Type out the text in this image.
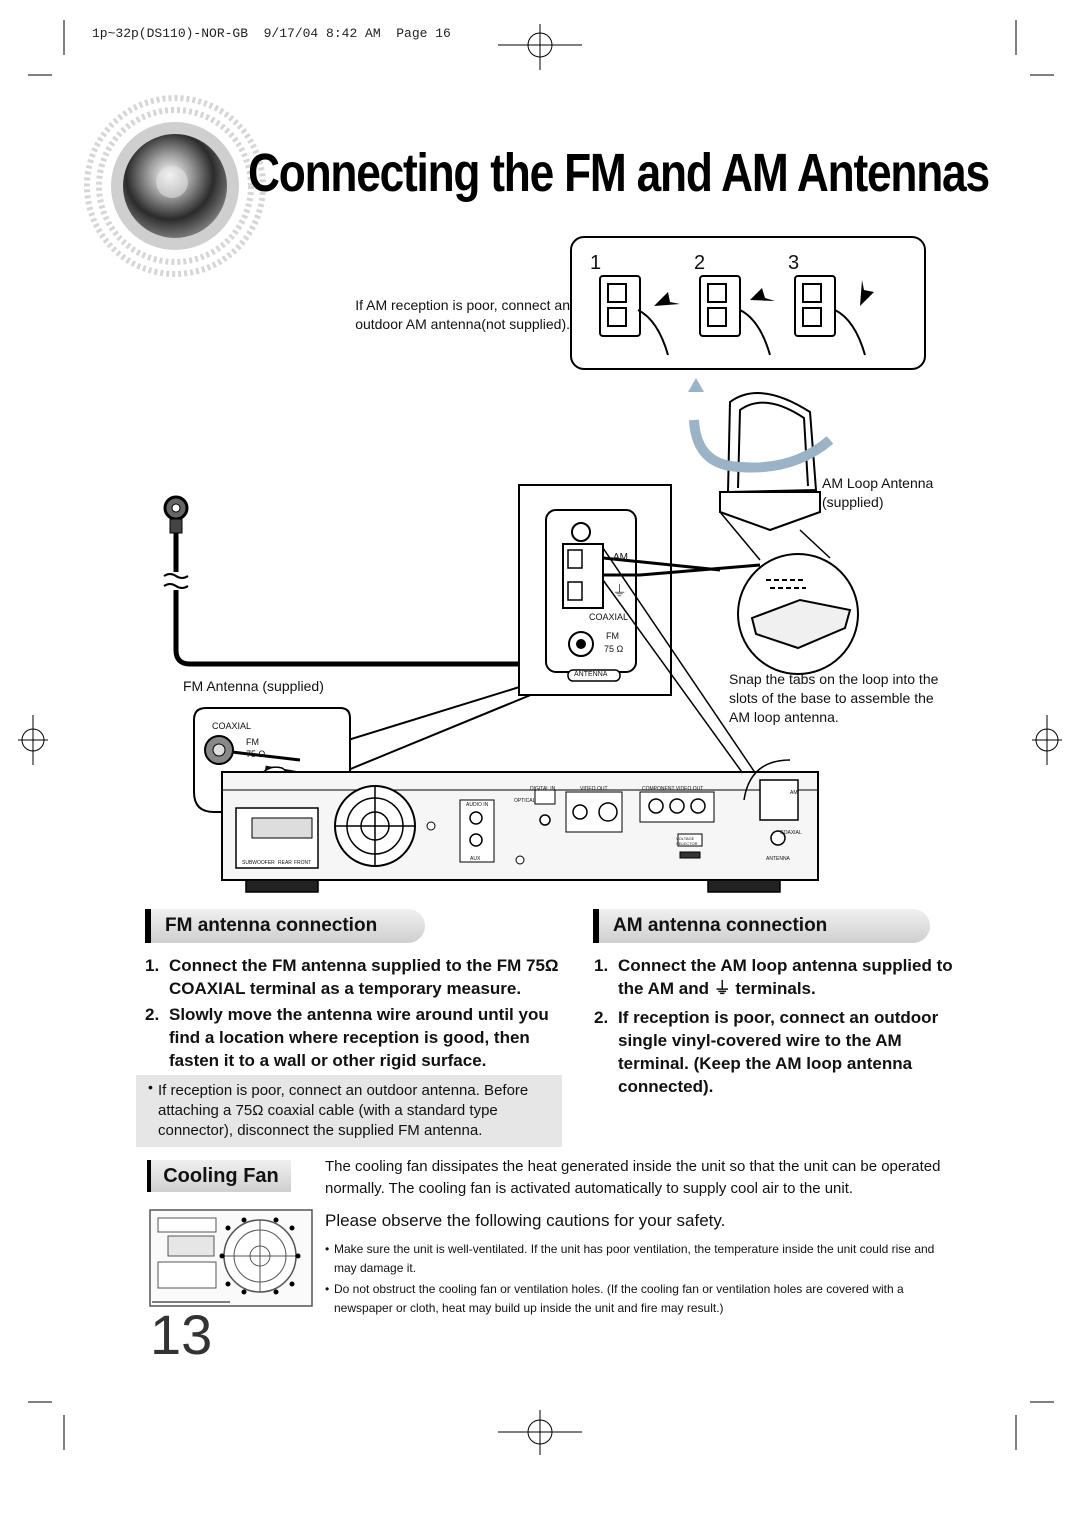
1p~32p(DS110)-NOR-GB  9/17/04 8:42 AM  Page 16
Connecting the FM and AM Antennas
1	2	3
If AM reception is poor, connect an outdoor AM antenna(not supplied).
AM
⏚
COAXIAL
FM
75 Ω
ANTENNA
COAXIAL
FM
75 Ω
DIGITAL IN
OPTICAL
VIDEO OUT	COMPONENT VIDEO OUT
AUDIO IN
AUX
VOLTAGE SELECTOR
SUBWOOFER REAR FRONT
AM
COAXIAL
ANTENNA
AM Loop Antenna (supplied)
Snap the tabs on the loop into the slots of the base to assemble the AM loop antenna.
FM Antenna (supplied)
FM antenna connection
1. Connect the FM antenna supplied to the FM 75Ω COAXIAL terminal as a temporary measure.
2. Slowly move the antenna wire around until you find a location where reception is good, then fasten it to a wall or other rigid surface.
If reception is poor, connect an outdoor antenna. Before attaching a 75Ω coaxial cable (with a standard type connector), disconnect the supplied FM antenna.
•
AM antenna connection
1. Connect the AM loop antenna supplied to the AM and ⏚ terminals.
2. If reception is poor, connect an outdoor single vinyl-covered wire to the AM terminal. (Keep the AM loop antenna connected).
Cooling Fan	The cooling fan dissipates the heat generated inside the unit so that the unit can be operated normally. The cooling fan is activated automatically to supply cool air to the unit.
Please observe the following cautions for your safety.
• Make sure the unit is well-ventilated. If the unit has poor ventilation, the temperature inside the unit could rise and may damage it.
• Do not obstruct the cooling fan or ventilation holes. (If the cooling fan or ventilation holes are covered with a newspaper or cloth, heat may build up inside the unit and fire may result.)
13
